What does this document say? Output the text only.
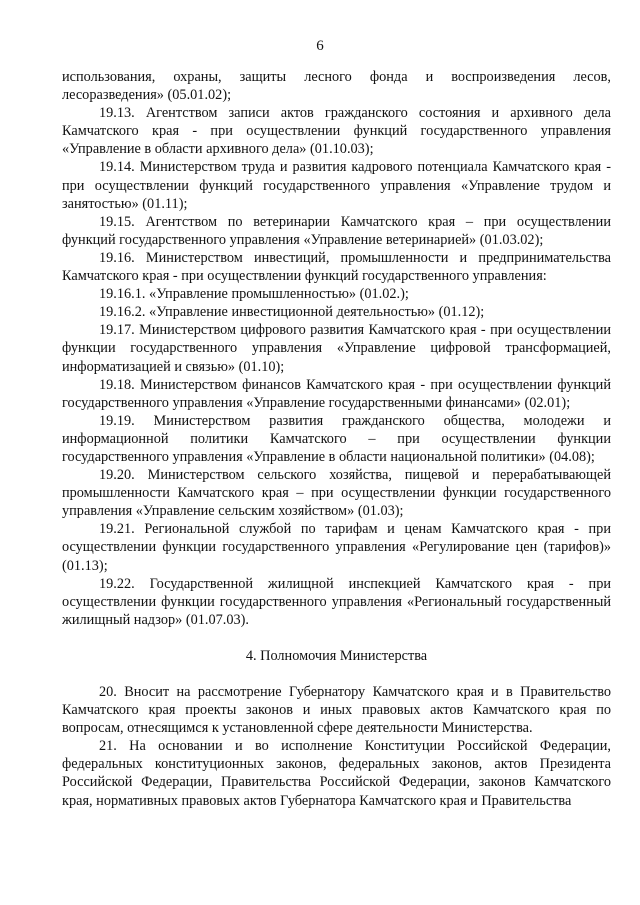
6

использования, охраны, защиты лесного фонда и воспроизведения лесов, лесоразведения» (05.01.02);

19.13. Агентством записи актов гражданского состояния и архивного дела Камчатского края - при осуществлении функций государственного управления «Управление в области архивного дела» (01.10.03);

19.14. Министерством труда и развития кадрового потенциала Камчатского края - при осуществлении функций государственного управления «Управление трудом и занятостью» (01.11);

19.15. Агентством по ветеринарии Камчатского края – при осуществлении функций государственного управления «Управление ветеринарией» (01.03.02);

19.16. Министерством инвестиций, промышленности и предпринимательства Камчатского края - при осуществлении функций государственного управления:

19.16.1. «Управление промышленностью» (01.02.);

19.16.2. «Управление инвестиционной деятельностью» (01.12);

19.17. Министерством цифрового развития Камчатского края - при осуществлении функции государственного управления «Управление цифровой трансформацией, информатизацией и связью» (01.10);

19.18. Министерством финансов Камчатского края - при осуществлении функций государственного управления «Управление государственными финансами» (02.01);

19.19. Министерством развития гражданского общества, молодежи и информационной политики Камчатского – при осуществлении функции государственного управления «Управление в области национальной политики» (04.08);

19.20. Министерством сельского хозяйства, пищевой и перерабатывающей промышленности Камчатского края – при осуществлении функции государственного управления «Управление сельским хозяйством» (01.03);

19.21. Региональной службой по тарифам и ценам Камчатского края - при осуществлении функции государственного управления «Регулирование цен (тарифов)» (01.13);

19.22. Государственной жилищной инспекцией Камчатского края - при осуществлении функции государственного управления «Региональный государственный жилищный надзор» (01.07.03).

4. Полномочия Министерства

20. Вносит на рассмотрение Губернатору Камчатского края и в Правительство Камчатского края проекты законов и иных правовых актов Камчатского края по вопросам, отнесящимся к установленной сфере деятельности Министерства.

21. На основании и во исполнение Конституции Российской Федерации, федеральных конституционных законов, федеральных законов, актов Президента Российской Федерации, Правительства Российской Федерации, законов Камчатского края, нормативных правовых актов Губернатора Камчатского края и Правительства
